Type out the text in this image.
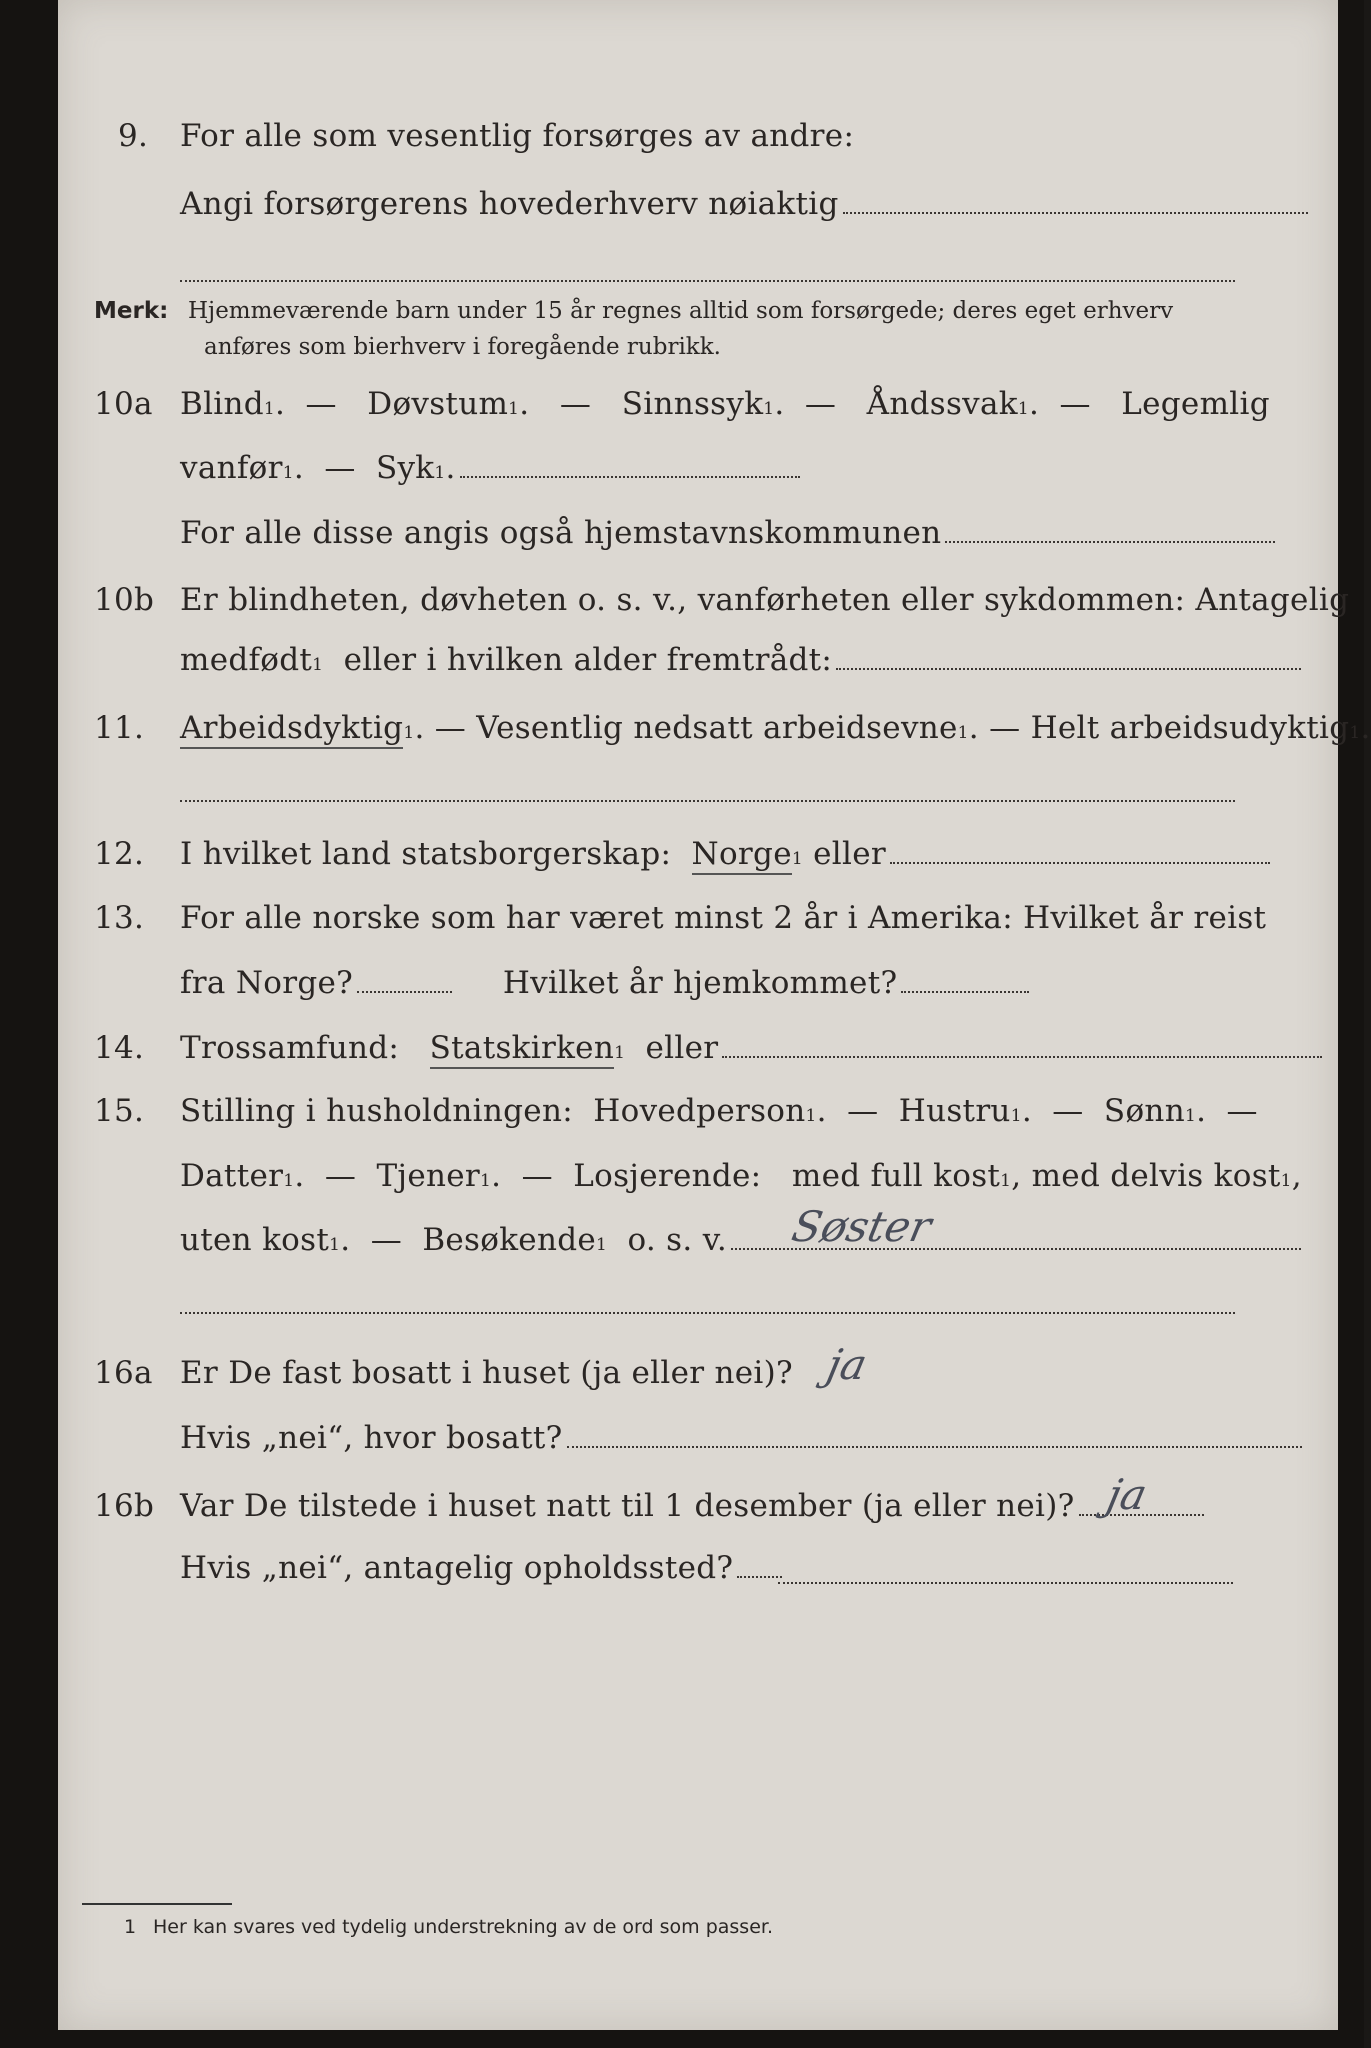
9.	For alle som vesentlig forsørges av andre:
Angi forsørgerens hovederhverv nøiaktig
Merk: Hjemmeværende barn under 15 år regnes alltid som forsørgede; deres eget erhverv
anføres som bierhverv i foregående rubrikk.
10a Blind 1 . —
Døvstum 1 . —
Sinnssyk 1 . —
Åndssvak 1 . —
Legemlig
vanfør 1 . —
Syk 1 .
For alle disse angis også hjemstavnskommunen
10b Er blindheten, døvheten o. s. v., vanførheten eller sykdommen: Antagelig
medfødt 1
eller i hvilken alder fremtrådt:
11.	Arbeidsdyktig 1 . —
Vesentlig nedsatt arbeidsevne 1 . —
Helt arbeidsudyktig 1 .
12.	I hvilket land statsborgerskap:
Norge 1
eller
13.	For alle norske som har været minst 2 år i Amerika: Hvilket år reist
fra Norge?
	Hvilket år hjemkommet?
14.	Trossamfund:
Statskirken 1
eller
15.	Stilling i husholdningen:
Hovedperson 1 . —
Hustru 1 . —
Sønn 1 . —
Datter 1 . —
Tjener 1 . —
Losjerende:
med full kost 1 , med delvis kost 1 ,
uten kost 1 . —
Besøkende 1
o. s. v. Søster
16a Er De fast bosatt i huset (ja eller nei)? ja
Hvis „nei“, hvor bosatt?
16b Var De tilstede i huset natt til 1 desember (ja eller nei)? ja
Hvis „nei“, antagelig opholdssted?
1 Her kan svares ved tydelig understrekning av de ord som passer.
